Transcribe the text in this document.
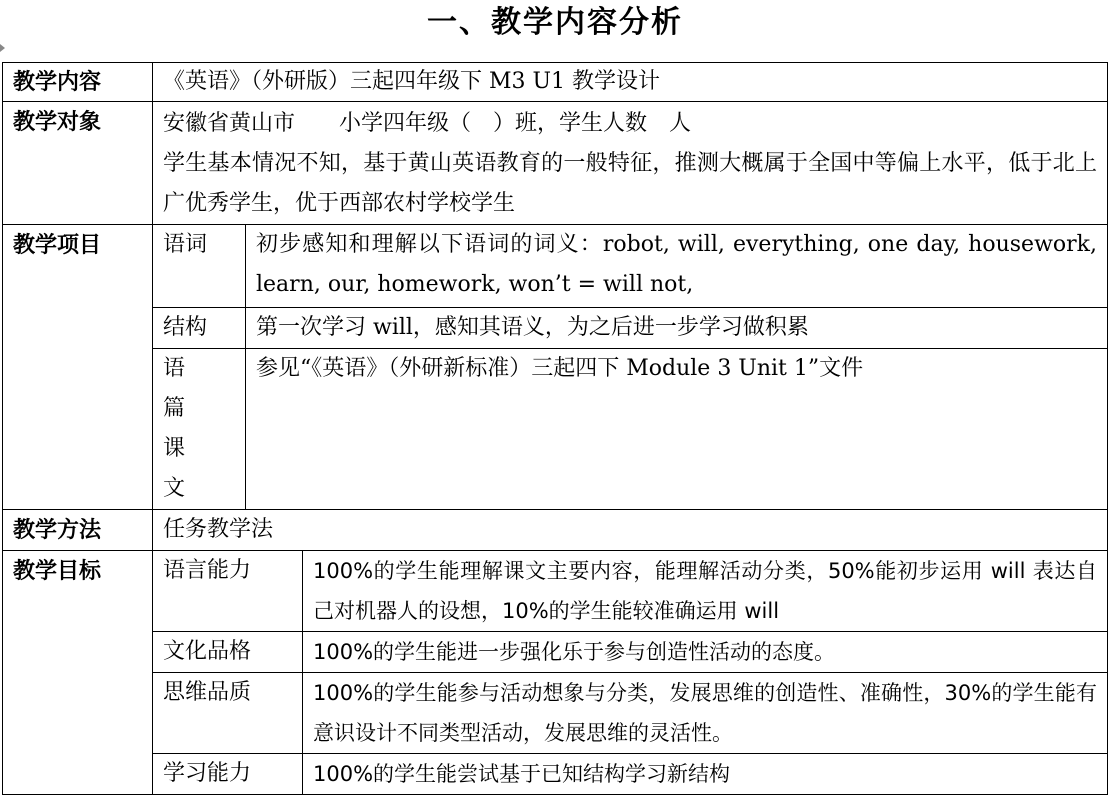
一、教学内容分析
教学内容	《英语》（外研版）三起四年级下 M3 U1 教学设计		
教学对象	安徽省黄山市　　小学四年级（　）班，学生人数　人
学生基本情况不知，基于黄山英语教育的一般特征，推测大概属于全国中等偏上水平，低于北上广优秀学生，优于西部农村学校学生		

教学项目	语词	初步感知和理解以下语词的词义：robot, will, everything, one day, housework, learn, our, homework, won’t = will not,	
	结构	第一次学习 will，感知其语义，为之后进一步学习做积累	
	语篇课文	参见“《英语》（外研新标准）三起四下 Module 3 Unit 1”文件	
教学方法	任务教学法		
教学目标	语言能力		100%的学生能理解课文主要内容，能理解活动分类，50%能初步运用 will 表达自己对机器人的设想，10%的学生能较准确运用 will
	文化品格		100%的学生能进一步强化乐于参与创造性活动的态度。
	思维品质		100%的学生能参与活动想象与分类，发展思维的创造性、准确性，30%的学生能有意识设计不同类型活动，发展思维的灵活性。
	学习能力		100%的学生能尝试基于已知结构学习新结构
